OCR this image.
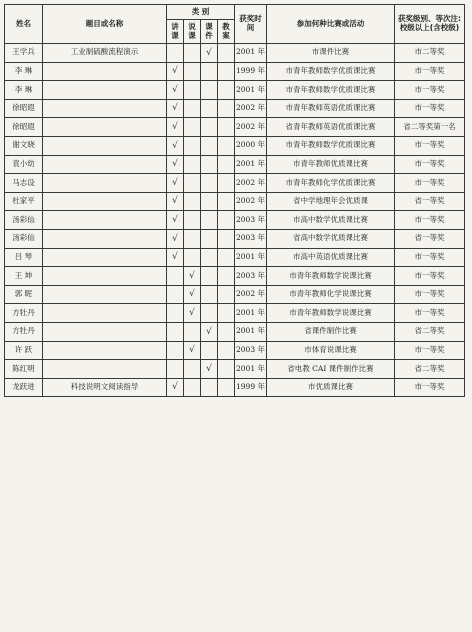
姓名	题目或名称	类 别				获奖时间	参加何种比赛或活动	获奖级别、等次注:校级以上(含校级)
		讲课	说课	课件	教案			
王学兵	工业制硫酸流程演示			√		2001 年	市课件比赛	市二等奖
李 琳		√				1999 年	市青年教师数学优质课比赛	市一等奖
李 琳		√				2001 年	市青年教师数学优质课比赛	市一等奖
徐昭遐		√				2002 年	市青年教师英语优质课比赛	市一等奖
徐昭遐		√				2002 年	省青年教师英语优质课比赛	省二等奖第一名
谢文晓		√				2000 年	市青年教师数学优质课比赛	市一等奖
袁小幼		√				2001 年	市青年教师优质课比赛	市一等奖
马志设		√				2002 年	市青年教师化学优质课比赛	市一等奖
杜家平		√				2002 年	省中学地理年会优质课	省一等奖
汤彩仙		√				2003 年	市高中数学优质课比赛	市一等奖
汤彩仙		√				2003 年	省高中数学优质课比赛	省一等奖
吕 琴		√				2001 年	市高中英语优质课比赛	市一等奖
王 坤			√			2003 年	市青年教师数学说课比赛	市一等奖
郭 昵			√			2002 年	市青年教师化学说课比赛	市一等奖
方牡丹			√			2001 年	市青年教师数学说课比赛	市一等奖
方牡丹				√		2001 年	省课件制作比赛	省二等奖
许 跃			√			2003 年	市体育说课比赛	市一等奖
陈红明				√		2001 年	省电教 CAI 课件制作比赛	省二等奖
龙跃进	科技说明文阅读指导	√				1999 年	市优质课比赛	市一等奖
